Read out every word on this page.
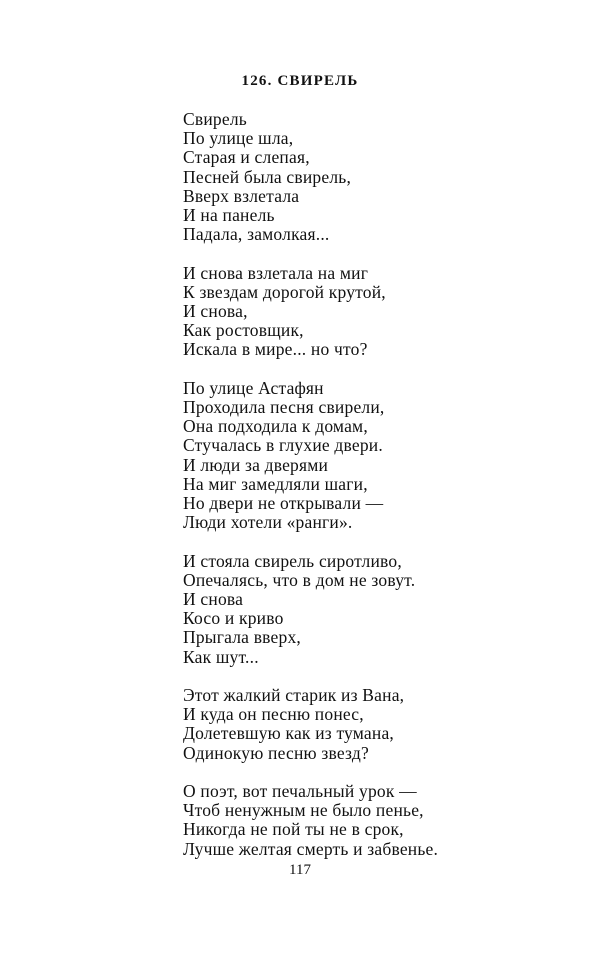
126. СВИРЕЛЬ
Свирель
По улице шла,
Старая и слепая,
Песней была свирель,
Вверх взлетала
И на панель
Падала, замолкая...
И снова взлетала на миг
К звездам дорогой крутой,
И снова,
Как ростовщик,
Искала в мире... но что?
По улице Астафян
Проходила песня свирели,
Она подходила к домам,
Стучалась в глухие двери.
И люди за дверями
На миг замедляли шаги,
Но двери не открывали —
Люди хотели «ранги».
И стояла свирель сиротливо,
Опечалясь, что в дом не зовут.
И снова
Косо и криво
Прыгала вверх,
Как шут...
Этот жалкий старик из Вана,
И куда он песню понес,
Долетевшую как из тумана,
Одинокую песню звезд?
О поэт, вот печальный урок —
Чтоб ненужным не было пенье,
Никогда не пой ты не в срок,
Лучше желтая смерть и забвенье.
117
